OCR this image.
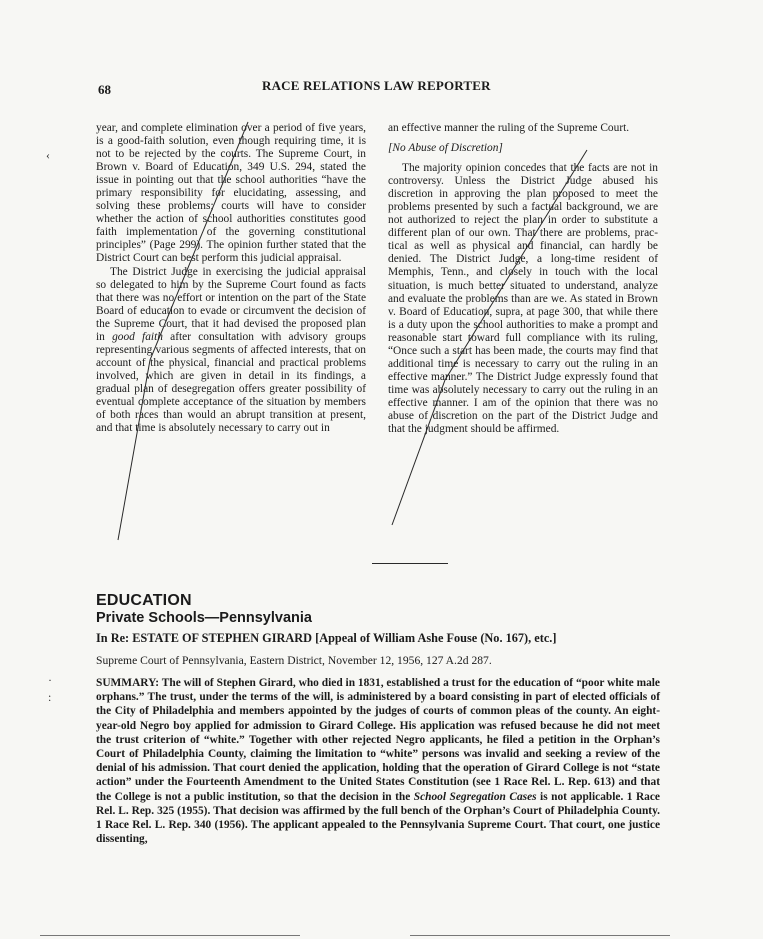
68	RACE RELATIONS LAW REPORTER

year, and complete elimination over a period of five years, is a good-faith solution, even though requiring time, it is not to be rejected by the courts. The Supreme Court, in Brown v. Board of Education, 349 U.S. 294, stated the issue in pointing out that the school authorities “have the primary responsibility for elucidating, assessing, and solving these problems; courts will have to consider whether the action of school authorities constitutes good faith implementation of the governing constitutional principles” (Page 299). The opinion further stated that the District Court can best perform this judicial appraisal.

The District Judge in exercising the judicial appraisal so delegated to him by the Supreme Court found as facts that there was no effort or intention on the part of the State Board of education to evade or circumvent the decision of the Supreme Court, that it had devised the proposed plan in good faith after consultation with advisory groups representing various segments of affected interests, that on account of the physical, financial and practical problems involved, which are given in detail in its findings, a gradual plan of desegregation offers greater possibility of eventual complete acceptance of the situation by members of both races than would an abrupt transition at present, and that time is absolutely necessary to carry out in

an effective manner the ruling of the Supreme Court.

[No Abuse of Discretion]

The majority opinion concedes that the facts are not in controversy. Unless the District Judge abused his discretion in approving the plan proposed to meet the problems presented by such a factual background, we are not authorized to reject the plan in order to substitute a different plan of our own. That there are problems, practical as well as physical and financial, can hardly be denied. The District Judge, a long-time resident of Memphis, Tenn., and closely in touch with the local situation, is much better situated to understand, analyze and evaluate the problems than are we. As stated in Brown v. Board of Education, supra, at page 300, that while there is a duty upon the school authorities to make a prompt and reasonable start toward full compliance with its ruling, “Once such a start has been made, the courts may find that additional time is necessary to carry out the ruling in an effective manner.” The District Judge expressly found that time was absolutely necessary to carry out the ruling in an effective manner. I am of the opinion that there was no abuse of discretion on the part of the District Judge and that the judgment should be affirmed.

EDUCATION
Private Schools—Pennsylvania
In Re: ESTATE OF STEPHEN GIRARD [Appeal of William Ashe Fouse (No. 167), etc.]
Supreme Court of Pennsylvania, Eastern District, November 12, 1956, 127 A.2d 287.

SUMMARY: The will of Stephen Girard, who died in 1831, established a trust for the education of “poor white male orphans.” The trust, under the terms of the will, is administered by a board consisting in part of elected officials of the City of Philadelphia and members appointed by the judges of courts of common pleas of the county. An eight-year-old Negro boy applied for admission to Girard College. His application was refused because he did not meet the trust criterion of “white.” Together with other rejected Negro applicants, he filed a petition in the Orphan’s Court of Philadelphia County, claiming the limitation to “white” persons was invalid and seeking a review of the denial of his admission. That court denied the application, holding that the operation of Girard College is not “state action” under the Fourteenth Amendment to the United States Constitution (see 1 Race Rel. L. Rep. 613) and that the College is not a public institution, so that the decision in the School Segregation Cases is not applicable. 1 Race Rel. L. Rep. 325 (1955). That decision was affirmed by the full bench of the Orphan’s Court of Philadelphia County. 1 Race Rel. L. Rep. 340 (1956). The applicant appealed to the Pennsylvania Supreme Court. That court, one justice dissenting,

‹
·
:
